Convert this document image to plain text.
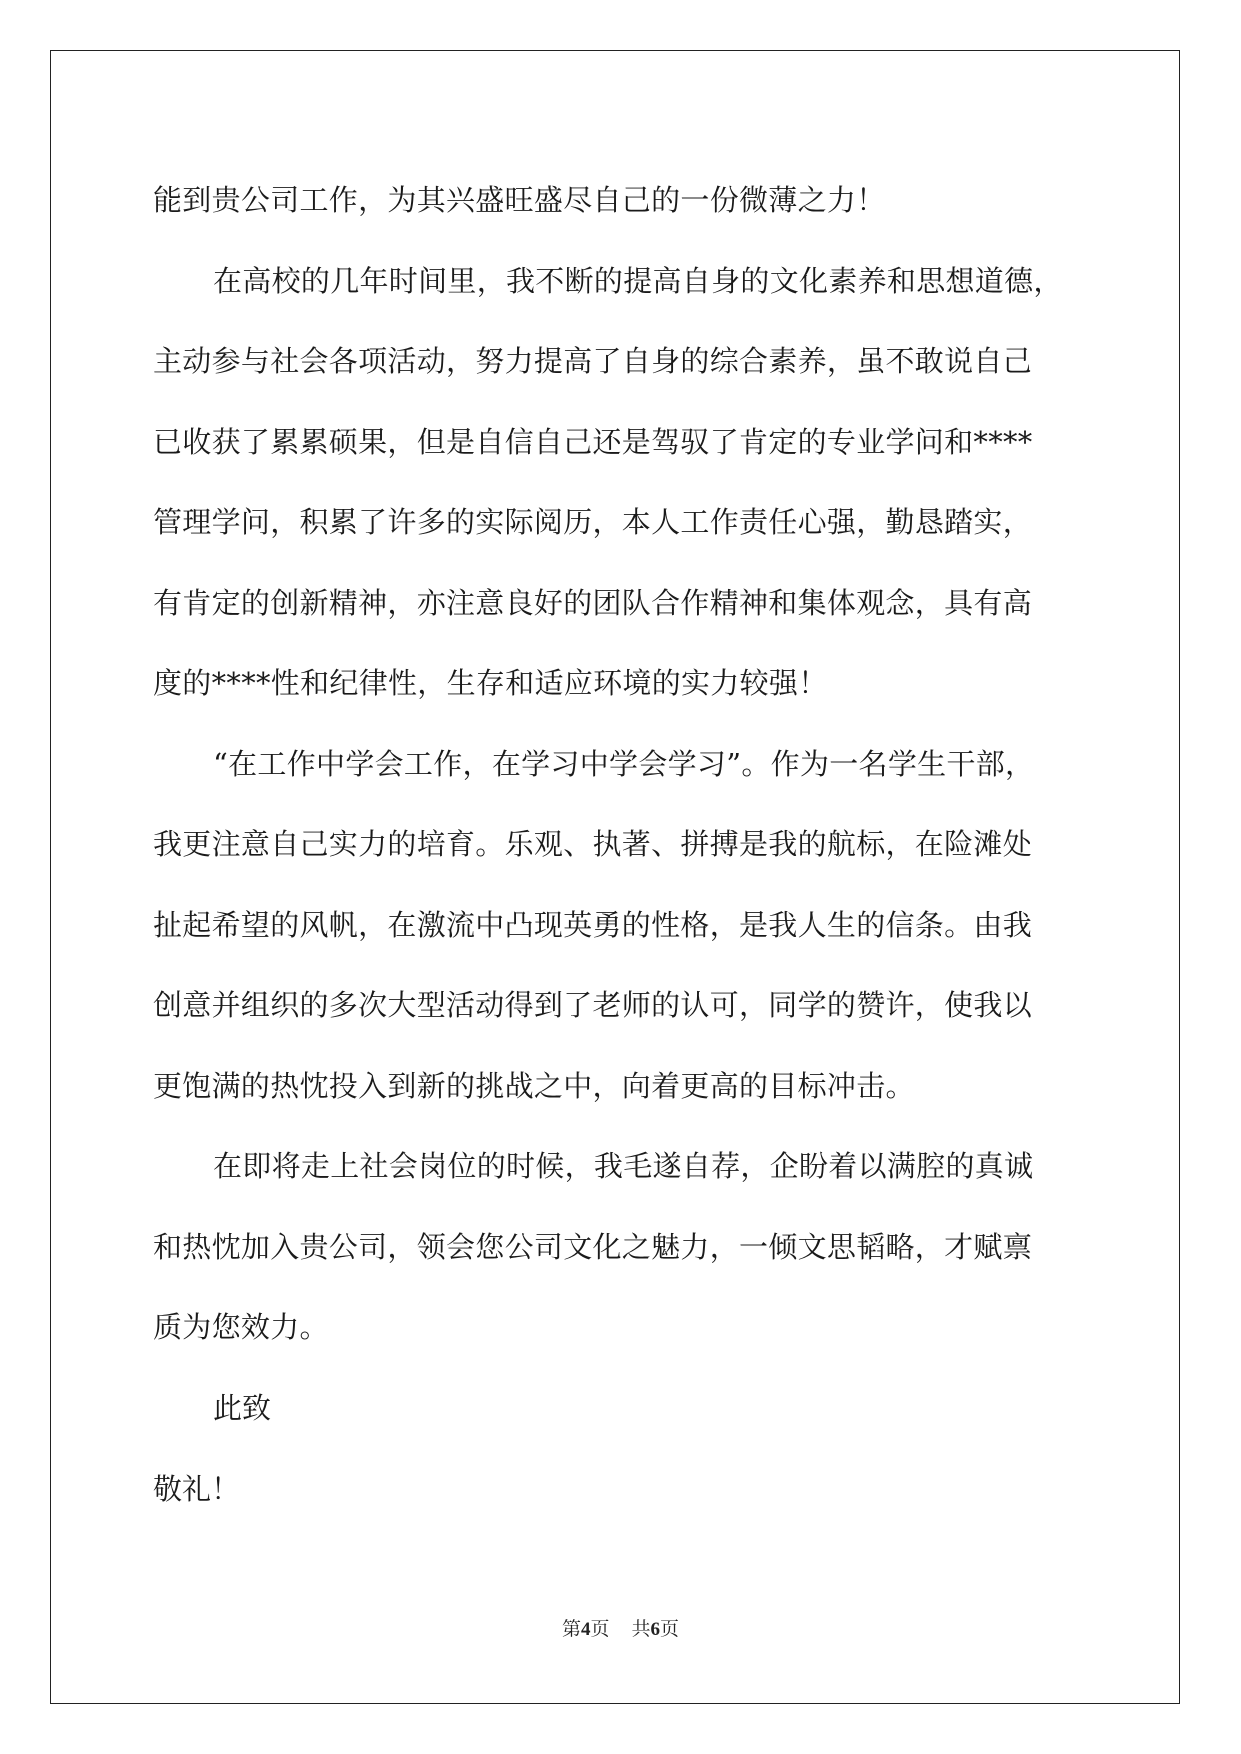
能到贵公司工作，为其兴盛旺盛尽自己的一份微薄之力！
在高校的几年时间里，我不断的提高自身的文化素养和思想道德，
主动参与社会各项活动，努力提高了自身的综合素养，虽不敢说自己
已收获了累累硕果，但是自信自己还是驾驭了肯定的专业学问和****
管理学问，积累了许多的实际阅历，本人工作责任心强，勤恳踏实，
有肯定的创新精神，亦注意良好的团队合作精神和集体观念，具有高
度的****性和纪律性，生存和适应环境的实力较强！
“在工作中学会工作，在学习中学会学习”。作为一名学生干部，
我更注意自己实力的培育。乐观、执著、拼搏是我的航标，在险滩处
扯起希望的风帆，在激流中凸现英勇的性格，是我人生的信条。由我
创意并组织的多次大型活动得到了老师的认可，同学的赞许，使我以
更饱满的热忱投入到新的挑战之中，向着更高的目标冲击。
在即将走上社会岗位的时候，我毛遂自荐，企盼着以满腔的真诚
和热忱加入贵公司，领会您公司文化之魅力，一倾文思韬略，才赋禀
质为您效力。
此致
敬礼！
第4页 共6页
